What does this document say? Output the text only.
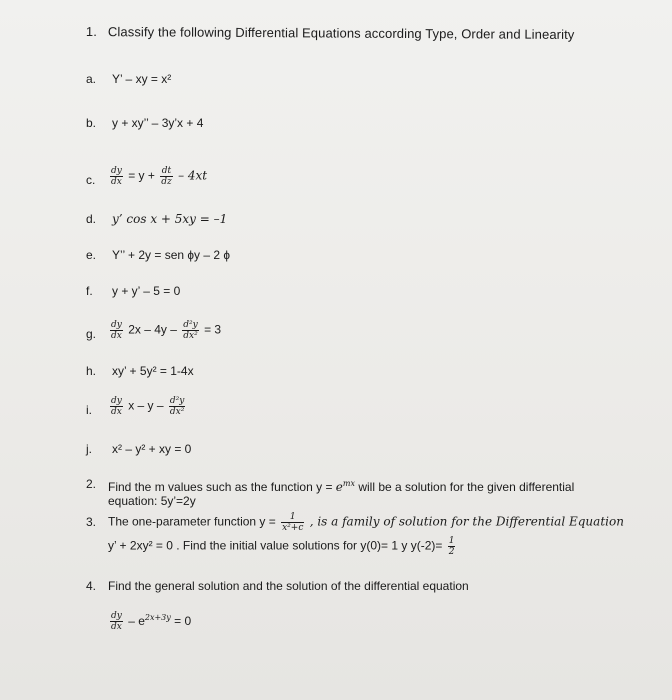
1. Classify the following Differential Equations according Type, Order and Linearity
a. Y’ – xy = x²
b. y + xy’’ – 3y’x + 4
c. $\frac{dy}{dx} = y + \frac{dt}{dz} - 4xt$
d. y’ cos x + 5xy = –1
e. Y’’ + 2y = sen ɸy – 2 ɸ
f. y + y’ – 5 = 0
g. $\frac{dy}{dx} 2x - 4y - \frac{\text{d²y}}{\text{dx²}} = 3$
h. xy’ + 5y² = 1-4x
i. $\frac{dy}{dx}$ x – y – $\frac{\text{d²y}}{\text{dx²}}$
j. x² – y² + xy = 0
2. Find the m values such as the function $y = e^{mx}$ will be a solution for the given differential
equation: 5y’=2y
3. The one-parameter function $y = \frac{1}{\text{x²+c}}$ , is a family of solution for the Differential Equation
y’ + 2xy² = 0 . Find the initial value solutions for y(0)= 1 y $y(-2)= \frac{1}{2}$
4. Find the general solution and the solution of the differential equation
$\frac{dy}{dx} - e^{2x+3y} = 0$
